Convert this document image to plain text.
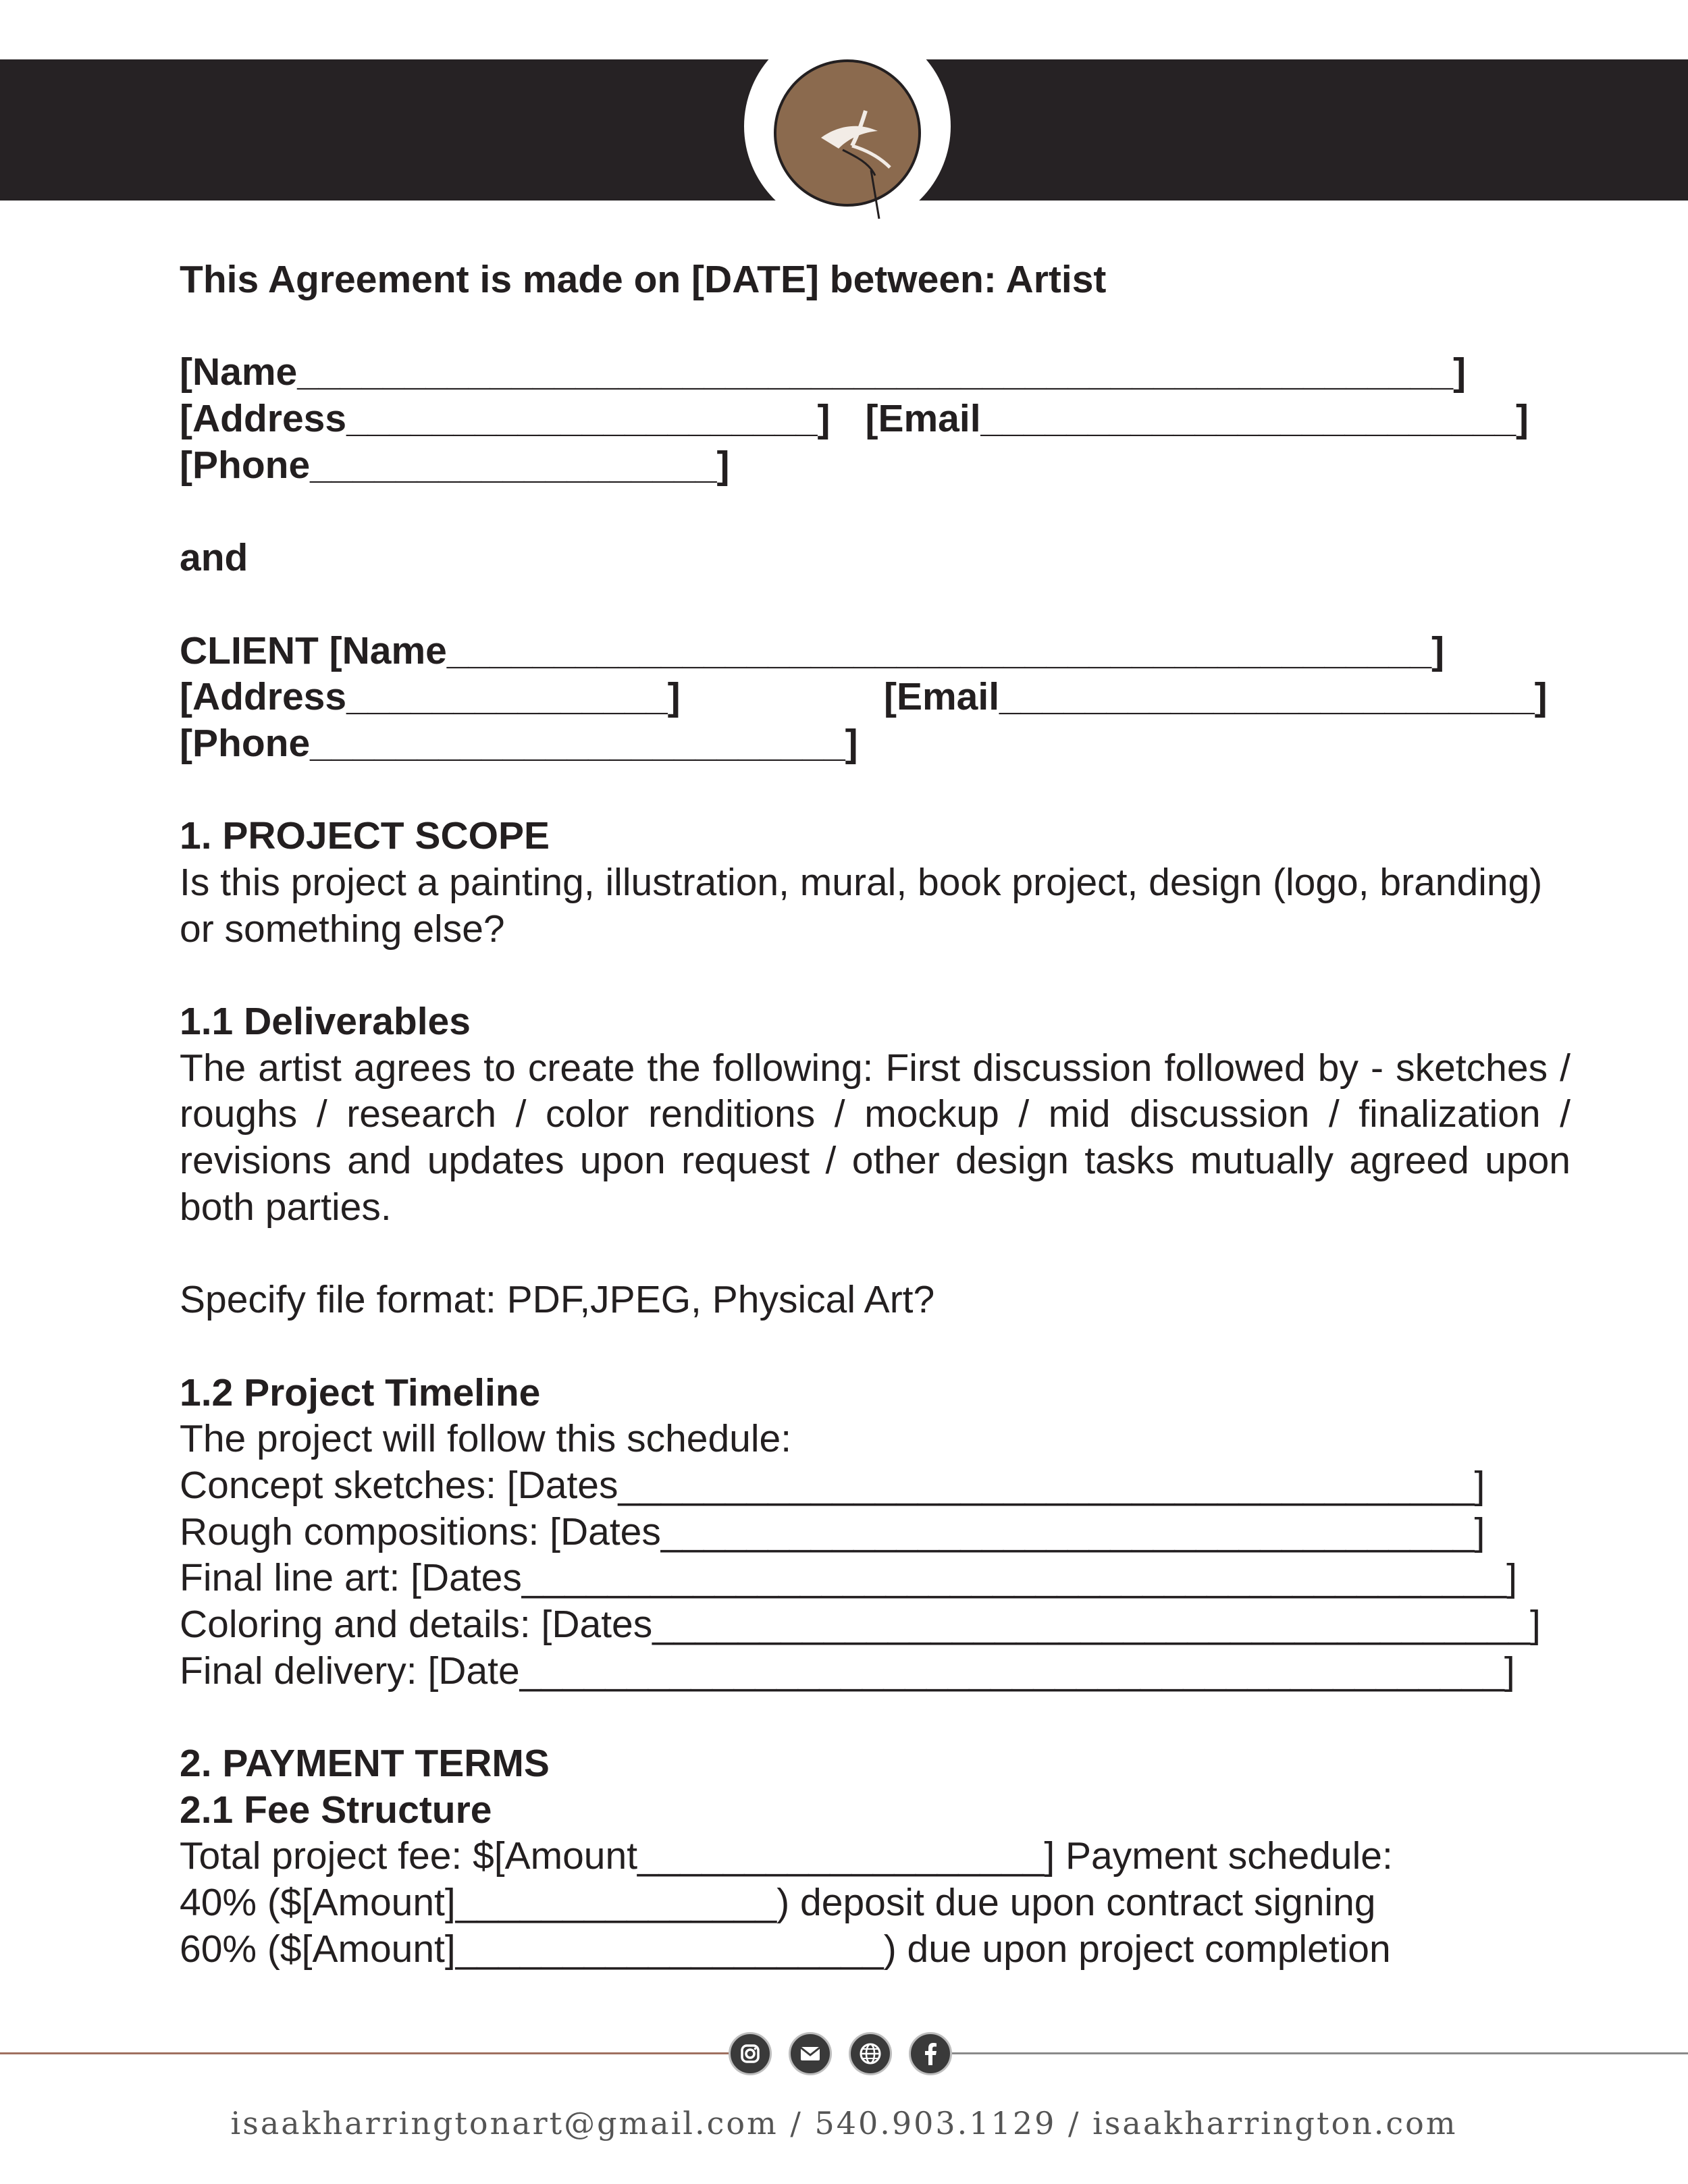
This Agreement is made on [DATE] between: Artist
[Name______________________________________________________]
[Address______________________] [Email_________________________]
[Phone___________________]
and
CLIENT [Name______________________________________________]
[Address_______________]	[Email_________________________]
[Phone_________________________]
1. PROJECT SCOPE
Is this project a painting, illustration, mural, book project, design (logo, branding) or something else?
1.1 Deliverables
The artist agrees to create the following: First discussion followed by - sketches / roughs / research / color renditions / mockup / mid discussion / finalization / revisions and updates upon request / other design tasks mutually agreed upon both parties.
Specify file format: PDF,JPEG, Physical Art?
1.2 Project Timeline
The project will follow this schedule:
Concept sketches: [Dates________________________________________]
Rough compositions: [Dates______________________________________]
Final line art: [Dates______________________________________________]
Coloring and details: [Dates_________________________________________]
Final delivery: [Date______________________________________________]
2. PAYMENT TERMS
2.1 Fee Structure
Total project fee: $[Amount___________________] Payment schedule:
40% ($[Amount]_______________) deposit due upon contract signing
60% ($[Amount]____________________) due upon project completion
isaakharringtonart@gmail.com / 540.903.1129 / isaakharrington.com
